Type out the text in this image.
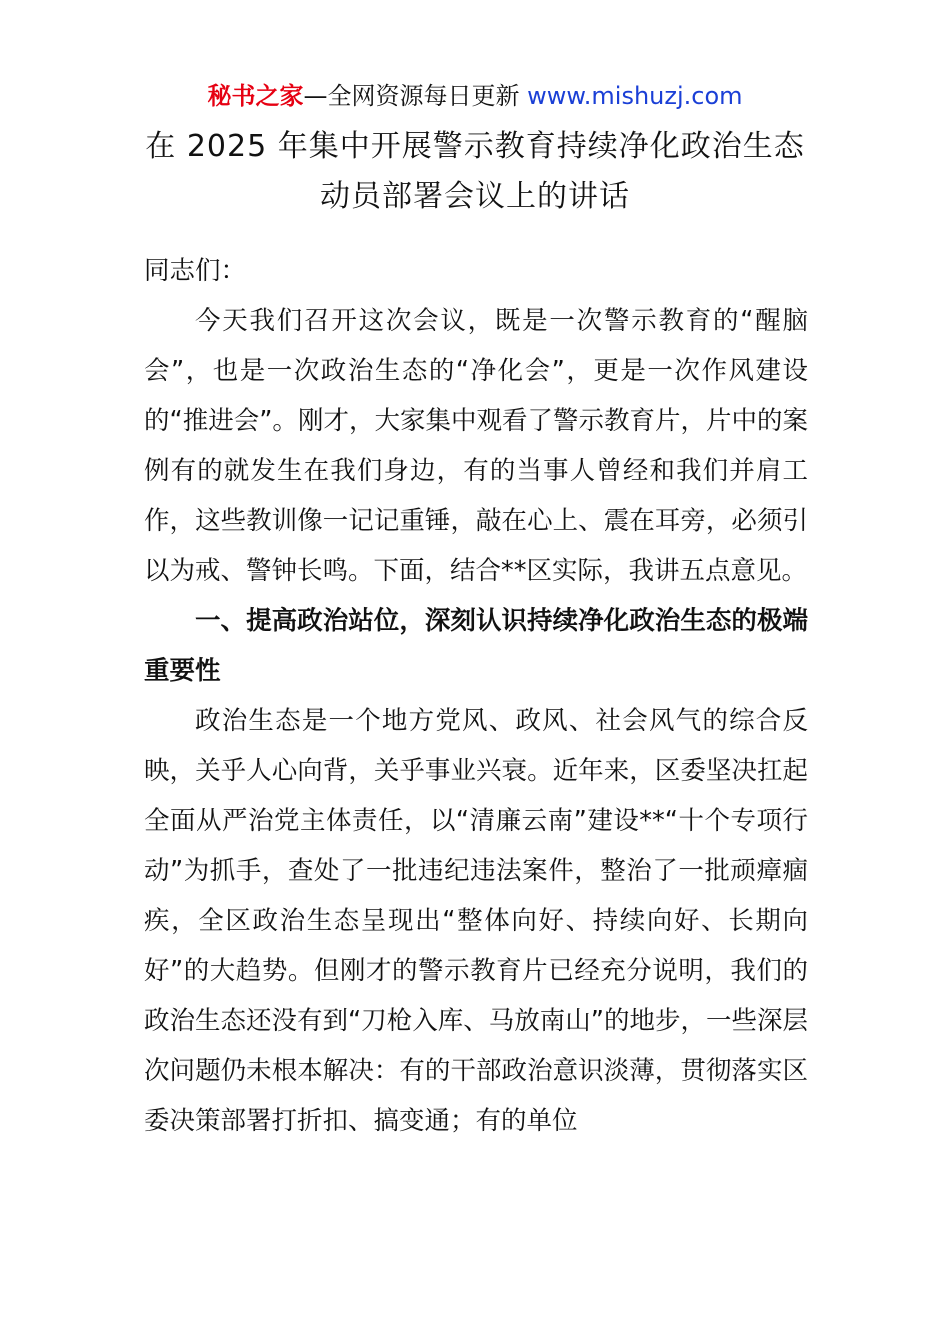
秘书之家—全网资源每日更新 www.mishuzj.com
在 2025 年集中开展警示教育持续净化政治生态
动员部署会议上的讲话

同志们：

今天我们召开这次会议，既是一次警示教育的“醒脑会”，也是一次政治生态的“净化会”，更是一次作风建设的“推进会”。刚才，大家集中观看了警示教育片，片中的案例有的就发生在我们身边，有的当事人曾经和我们并肩工作，这些教训像一记记重锤，敲在心上、震在耳旁，必须引以为戒、警钟长鸣。下面，结合**区实际，我讲五点意见。

一、提高政治站位，深刻认识持续净化政治生态的极端重要性

政治生态是一个地方党风、政风、社会风气的综合反映，关乎人心向背，关乎事业兴衰。近年来，区委坚决扛起全面从严治党主体责任，以“清廉云南”建设**“十个专项行动”为抓手，查处了一批违纪违法案件，整治了一批顽瘴痼疾，全区政治生态呈现出“整体向好、持续向好、长期向好”的大趋势。但刚才的警示教育片已经充分说明，我们的政治生态还没有到“刀枪入库、马放南山”的地步，一些深层次问题仍未根本解决：有的干部政治意识淡薄，贯彻落实区委决策部署打折扣、搞变通；有的单位
